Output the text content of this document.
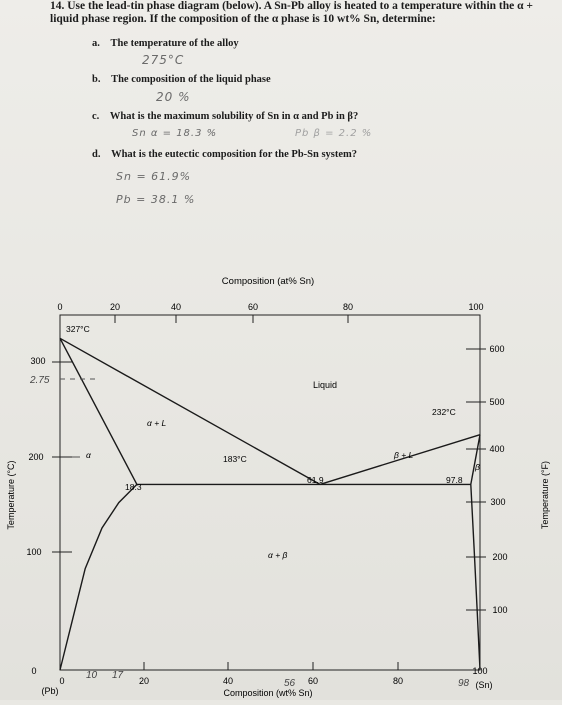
14. Use the lead-tin phase diagram (below). A Sn-Pb alloy is heated to a temperature within the α + liquid phase region. If the composition of the α phase is 10 wt% Sn, determine:
a. The temperature of the alloy
275°C
b. The composition of the liquid phase
20 %
c. What is the maximum solubility of Sn in α and Pb in β?
Sn α = 18.3 %	Pb β = 2.2 %
d. What is the eutectic composition for the Pb-Sn system?
Sn = 61.9%
Pb = 38.1 %
Composition (at% Sn)
0	20	40	60	80	100
Temperature (°C)
0
100
200
300
Temperature (°F)
100
200
300
400
500
600
0	20	40	60	80
100
Composition (wt% Sn)
(Pb)
(Sn)
2.75
327°C
232°C
183°C
18.3
61.9	97.8
Liquid
α + L
β + L
α + β
α
β
10 17
56	98
